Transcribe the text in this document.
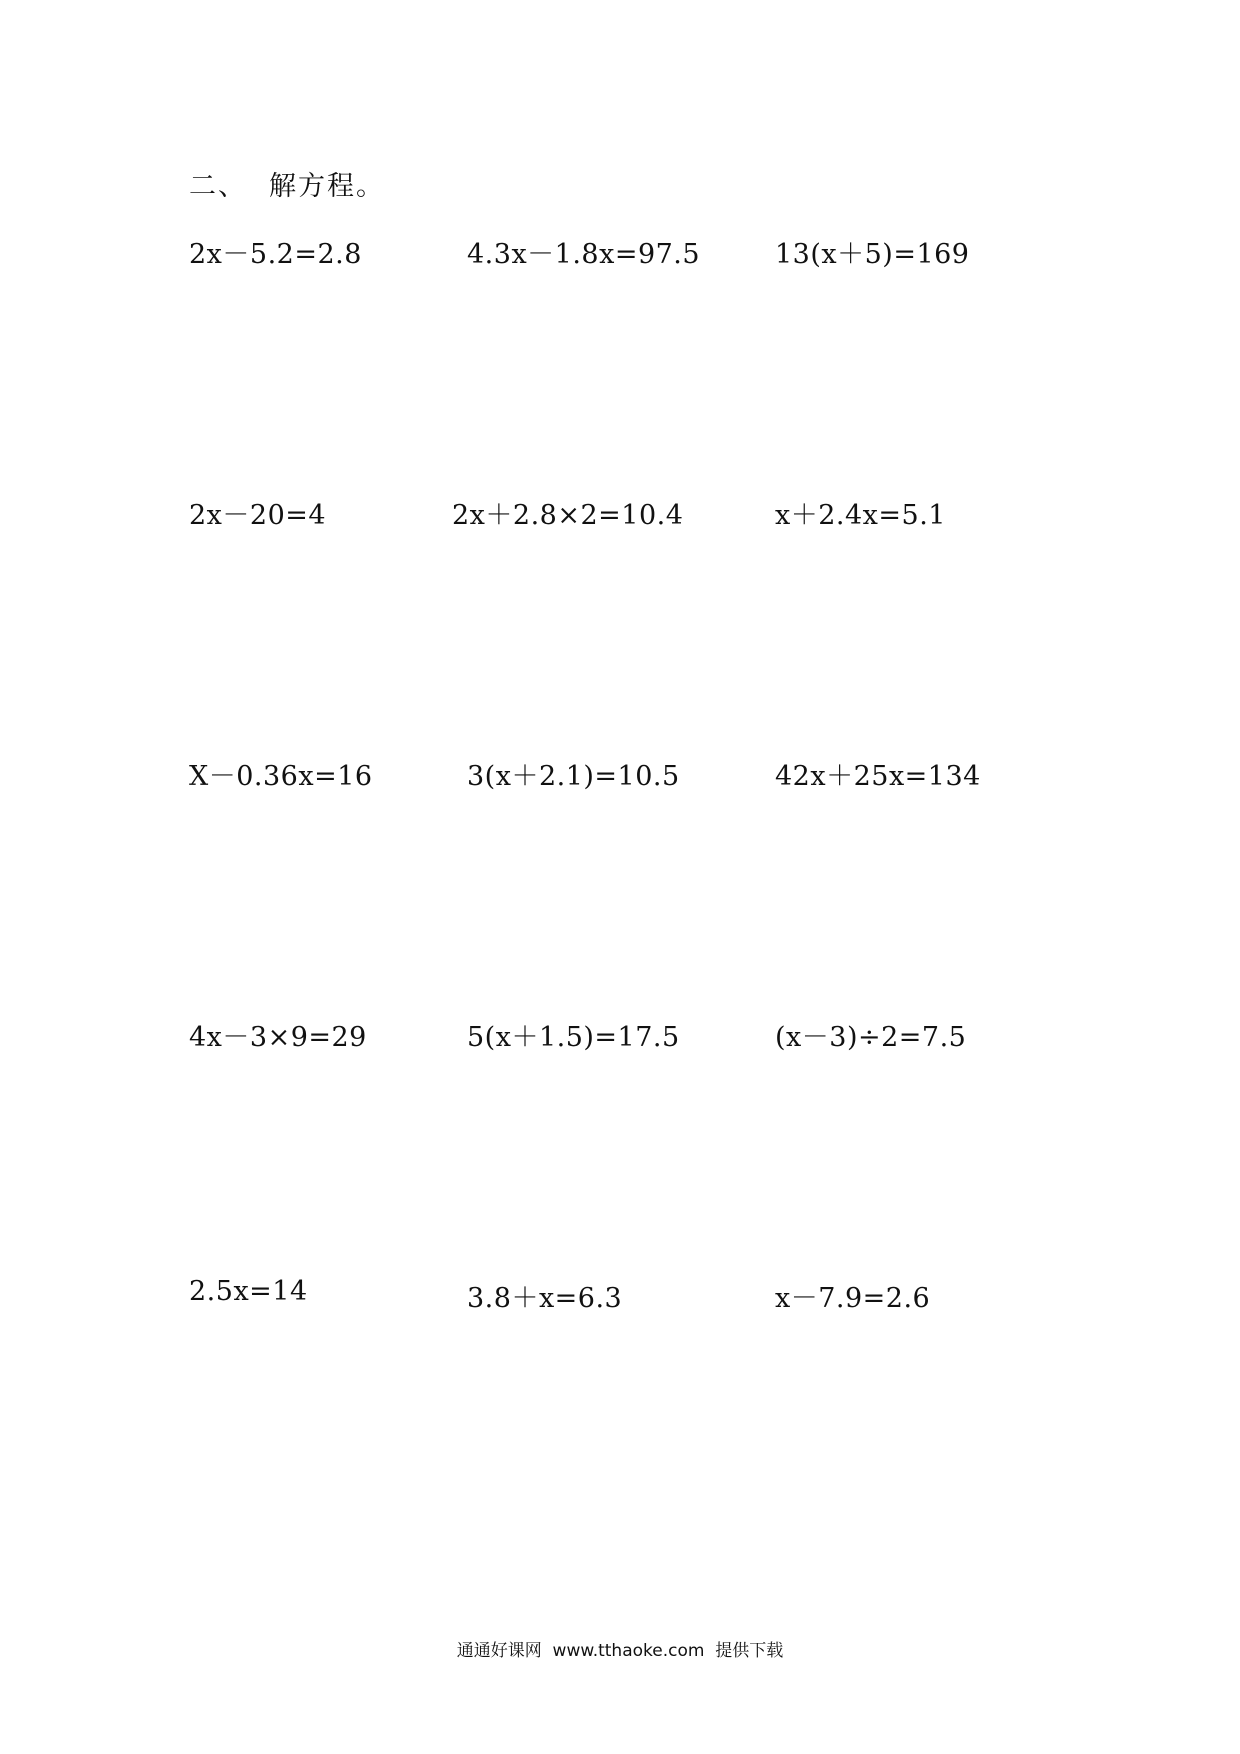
二、 解方程。
2x－5.2=2.8	4.3x－1.8x=97.5	13(x＋5)=169
2x－20=4	2x＋2.8×2=10.4	x＋2.4x=5.1
X－0.36x=16	3(x＋2.1)=10.5	42x＋25x=134
4x－3×9=29	5(x＋1.5)=17.5	(x－3)÷2=7.5
2.5x=14	3.8＋x=6.3	x－7.9=2.6
通通好课网  www.tthaoke.com  提供下载
